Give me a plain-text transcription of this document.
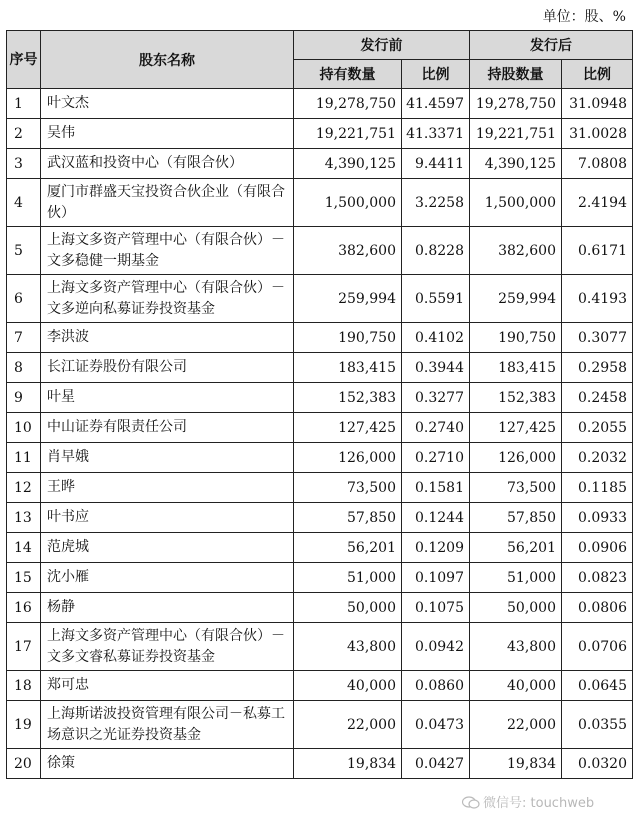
单位：股、%
序号	股东名称	发行前		发行后	
		持有数量	比例	持股数量	比例
1	叶文杰	19,278,750	41.4597	19,278,750	31.0948
2	吴伟	19,221,751	41.3371	19,221,751	31.0028
3	武汉蓝和投资中心（有限合伙）	4,390,125	9.4411	4,390,125	7.0808
4	厦门市群盛天宝投资合伙企业（有限合伙）	1,500,000	3.2258	1,500,000	2.4194
5	上海文多资产管理中心（有限合伙）－文多稳健一期基金	382,600	0.8228	382,600	0.6171
6	上海文多资产管理中心（有限合伙）－文多逆向私募证券投资基金	259,994	0.5591	259,994	0.4193
7	李洪波	190,750	0.4102	190,750	0.3077
8	长江证券股份有限公司	183,415	0.3944	183,415	0.2958
9	叶星	152,383	0.3277	152,383	0.2458
10	中山证券有限责任公司	127,425	0.2740	127,425	0.2055
11	肖早娥	126,000	0.2710	126,000	0.2032
12	王晔	73,500	0.1581	73,500	0.1185
13	叶书应	57,850	0.1244	57,850	0.0933
14	范虎城	56,201	0.1209	56,201	0.0906
15	沈小雁	51,000	0.1097	51,000	0.0823
16	杨静	50,000	0.1075	50,000	0.0806
17	上海文多资产管理中心（有限合伙）－文多文睿私募证券投资基金	43,800	0.0942	43,800	0.0706
18	郑可忠	40,000	0.0860	40,000	0.0645
19	上海斯诺波投资管理有限公司－私募工场意识之光证券投资基金	22,000	0.0473	22,000	0.0355
20	徐策	19,834	0.0427	19,834	0.0320
微信号: touchweb
